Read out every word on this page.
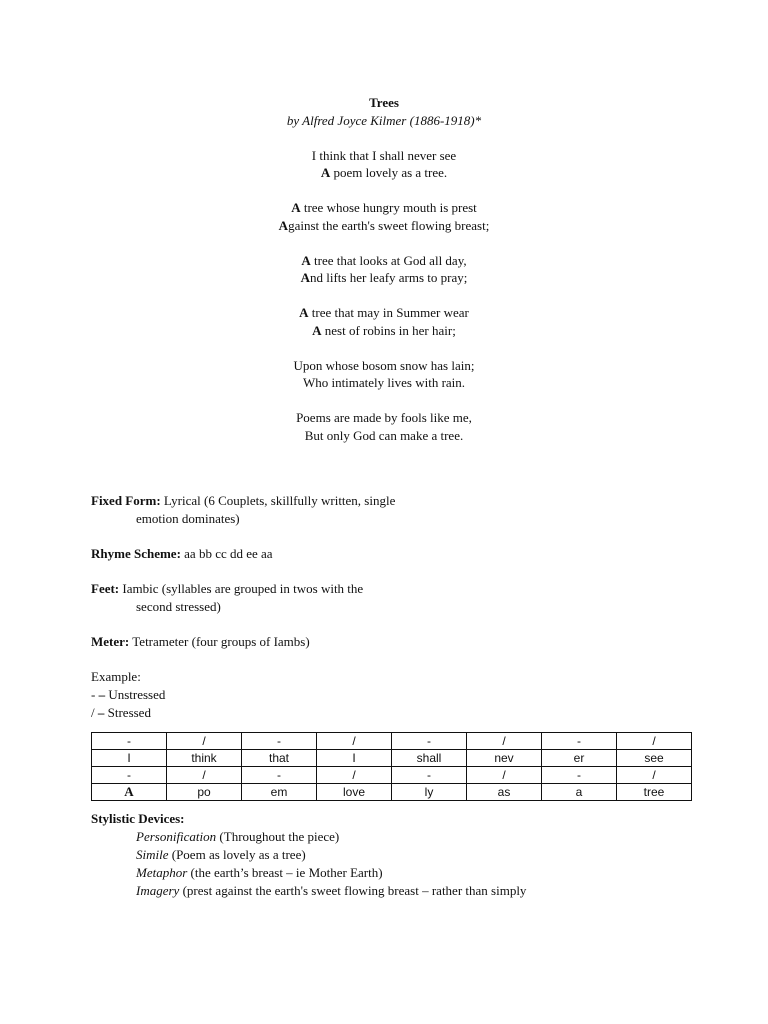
Trees
by Alfred Joyce Kilmer (1886-1918)*
I think that I shall never see
A poem lovely as a tree.
A tree whose hungry mouth is prest
Against the earth's sweet flowing breast;
A tree that looks at God all day,
And lifts her leafy arms to pray;
A tree that may in Summer wear
A nest of robins in her hair;
Upon whose bosom snow has lain;
Who intimately lives with rain.
Poems are made by fools like me,
But only God can make a tree.
Fixed Form: Lyrical (6 Couplets, skillfully written, single
emotion dominates)
Rhyme Scheme: aa bb cc dd ee aa
Feet: Iambic (syllables are grouped in twos with the
second stressed)
Meter: Tetrameter (four groups of Iambs)
Example:
- – Unstressed
/ – Stressed
-	/	-	/	-	/	-	/
I	think	that	I	shall	nev	er	see
-	/	-	/	-	/	-	/
A	po	em	love	ly	as	a	tree
Stylistic Devices:
Personification (Throughout the piece)
Simile (Poem as lovely as a tree)
Metaphor (the earth’s breast – ie Mother Earth)
Imagery (prest against the earth's sweet flowing breast – rather than simply
